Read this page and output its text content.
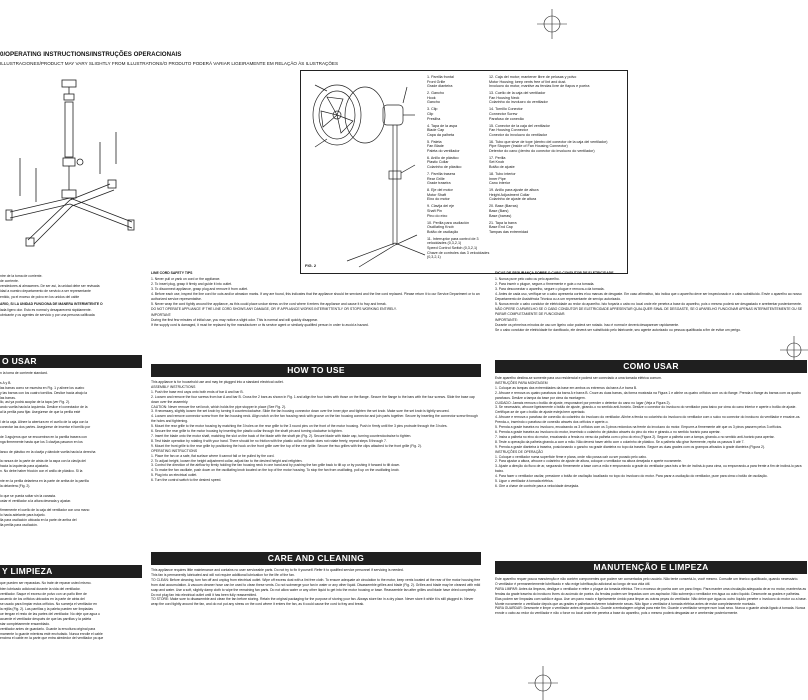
0/OPERATING INSTRUCTIONS/INSTRUÇÕES OPERACIONAIS
ILLUSTRACIONES/PRODUCT MAY VARY SLIGHTLY FROM ILLUSTRATIONS/O PRODUTO PODERÁ VARIAR LIGEIRAMENTE EM RELAÇÃO ÀS ILUSTRAÇÕES
1. Parrilla frontal
Front Grille
Grade dianteira
2. Gancho
Hook
Gancho
3. Clip
Clip
Presilha
4. Tapa de la aspa
Blade Cap
Capa da palheta
5. Paleta
Fan Blade
Paleta do ventilador
6. Anillo de plástico
Plastic Collar
Colarinho de plástico
7. Parrilla trasera
Rear Grille
Grade traseira
8. Eje del motor
Motor Shaft
Eixo do motor
9. Clavija del eje
Shaft Pin
Pino do eixo
10. Perilla para oscilación
Oscillating Knob
Botão de oscilação
11. Interruptor para control de 3 velocidades (0,3,2,1)
Speed Control Switch (0,3,2,1)
Chave de controles das 3 velocidades (0,3,2,1)
12. Caja del motor; mantener libre de pelusas y polvo
Motor Housing; keep vents free of lint and dust.
Involucro do motor, mantive as fendas livre de fiapos e poeira
13. Cuello de la caja del ventilador
Fan Housing Neck
Colarinho do involucro do ventilador
14. Tornillo Conector
Connector Screw
Parafuso de conexão
15. Conector de la caja del ventilador
Fan Housing Connector
Conector do involucro do ventilador
16. Tubo que sirve de tope (dentro del conector de la caja del ventilador)
Pipe Stopper (Inside of Fan Housing Connector)
Detentor do cano (dentro do conector do involucro do ventilador)
17. Perilla
Set Knob
Botão de ajuste
18. Tubo interior
Inner Pipe
Cano interior
19. Anillo para ajuste de altura
Height Adjustment Collar
Colarinho de ajuste de altura
20. Base (Barras)
Base (Bars)
Base (barras)
21. Tapa la barra
Base End Cap
Tampas das extremidad
FIG. 2

ntre de la toma de corriente.
de corriente.
vendedores al almacenes. De ser así, la unidad debe ser revisada
idad a nuestro departamento de servicio a ser representante

entido, ya el exceso de polvo en los unidos del cable

ARIO, SI LA UNIDAD FUNCIONA DE MANERA INTERMITENTE O

iada ligero olor. Esto es normal y desaparecerá rápidamente.
ubricante y os agentes de servicio y por una persona calificada

O USAR

n la toma de corriente standard.

s A y B.
las barras como se muestra en Fig. 1 y alinee los cuatro
y las barras con los cuatro tornillos. Deslice hacia abajo la
las barras.
llo, asi ya podrá acoplar de la tapa (ver Fig. 2).
ando vuelta hacia la izquierda. Deslice el conectador de la
al la perilla para fijar. Asegúrese de que la perilla esté

l de la caja. Alinee la abertura en el cuello de la caja con la
conectar las dos partes. Asegúrese de insertar el tornillo por

de 3 agujeros que se encuentran en la parrilla trasera con
nga firmemente hasta que los 3 clavijas pasaron en los

lanco de plástico en la clavija y dándole vuelta hacia la derecha

la ranura de la parte de atrás de la aspa con la clavija del
hacia la izquierda para ajustarla.
n. No debe haber fricción con el anillo de plástico. Si la

nte en la perilla delantera en la parte de arriba de la parrilla
la delantera (Fig. 2).

lo que se pueda soltar sin la canasta.
ustar el ventilador a la altura deseada y ajustar.

firmemente el cuello de la caja del ventilador con una mano
lo hacia adelante para bajarlo.
lla para oscilación ubicada en la parte de arriba del
lla perilla para oscilación.

Y LIMPIEZA

que pueden ser reparadas. No trate de reparar usted mismo.

bien lubricado adicional durante la vida del ventilador.
ventilador. Saque el exceso de polvo con un paño libre de
acuerdo de los orificios ubicados en la parte de atrás del
se usado para limpiar estos orificios. No sumerja el ventilador en
la rejilla (Fig. 2). Las parrillas y la paleta pueden ser limpiadas
ue tengan el resto de las partes del ventilador. No deje que agua u
acuerde el ventilador después de que las parrillas y la paleta
star completamente ensamblado.
ventilador antes de guardarlo. Guarde la envoltura original para
mamente lo guarde mientras esté enchufado. Nunca enrolle el cable
encima el cable en la parte que entra alrededor del ventilador ya que

LINE CORD SAFETY TIPS

1. Never pull or yank on cord or the appliance.
2. To insert plug, grasp it firmly and guide it into outlet.
3. To disconnect appliance, grasp plug and remove it from outlet.
4. Before each use, inspect the line cord for cuts and/or abrasion marks. If any are found, this indicates that the appliance should be serviced and the line cord replaced. Please return it to our Service Department or to an authorized service representative.
5. Never wrap the cord tightly around the appliance, as this could place undue stress on the cord where it enters the appliance and cause it to fray and break.
DO NOT OPERATE APPLIANCE IF THE LINE CORD SHOWS ANY DAMAGE, OR IF APPLIANCE WORKS INTERMITTENTLY OR STOPS WORKING ENTIRELY.

IMPORTANT:
During the first few minutes of initial use, you may notice a slight odor. This is normal and will quickly disappear.
If the supply cord is damaged, it must be replaced by the manufacturer or its service agent or similarly qualified person in order to avoid a hazard.

HOW TO USE

This appliance is for household use and may be plugged into a standard electrical outlet.
ASSEMBLY INSTRUCTIONS
1. Push the base end caps onto both ends of bar A and bar B.
2. Loosen and remove the four screws from bar A and bar B. Cross the 2 bars as shown in Fig. 1 and align the four holes with those on the flange. Secure the flange to the bars with the four screws. Slide the base cap down over the assembly.
CAUTION: Never remove the set knob, which holds the pipe stopper in place (See Fig. 2).
3. If necessary, slightly loosen the set knob by turning it counterclockwise. Slide the fan housing connector down over the inner pipe and tighten the set knob. Make sure the set knob is tightly secured.
4. Loosen and remove connector screw from the fan housing neck. Align notch on the fan housing neck with groove on the fan housing connector and join parts together. Secure by inserting the connector screw through the holes and tightening.
5. Mount the rear grille to the motor housing by matching the 3 holes on the rear grille to the 3 round pins on the front of the motor housing. Push in firmly until the 3 pins protrude through the 3 holes.
6. Secure the rear grille to the motor housing by inserting the plastic collar through the shaft pin and turning clockwise to tighten.
7. Insert the blade onto the motor shaft, matching the slot on the back of the blade with the shaft pin (Fig. 2). Secure blade with blade cap, turning counterclockwise to tighten.
8. Test blade operation by rotating it with your hand. There should be no friction with the plastic collar. If blade does not rotate freely, repeat steps 5 through 7.
9. Mount the front grille to the rear grille by positioning the hook on the front grille over the top of the rear grille. Secure the two grilles with the clips attached to the front grille (Fig. 2).
OPERATING INSTRUCTIONS
1. Place the fan on a safe, flat surface where it cannot fall or be pulled by the cord.
2. To adjust height, loosen the height adjustment collar, adjust fan to the desired height and retighten.
3. Control the direction of the airflow by firmly holding the fan housing neck in one hand and by pushing the fan grille back to tilt up or by pushing it forward to tilt down.
4. To make the fan oscillate, push down on the oscillating knob located on the top of the motor housing. To stop the fan from oscillating, pull up on the oscillating knob.
5. Plug into an electrical outlet.
6. Turn the control switch to the desired speed.

CARE AND CLEANING

This appliance requires little maintenance and contains no user serviceable parts. Do not try to fix it yourself. Refer it to qualified service personnel if servicing is needed.
This fan is permanently lubricated and will not require additional lubrication for the life of the fan.
TO CLEAN: Before cleaning, turn fan off and unplug from electrical outlet. Wipe off excess dust with a lint free cloth. To ensure adequate air circulation to the motor, keep vents located at the rear of the motor housing free from dust accumulation. A vacuum cleaner hose can be used to clean these vents. Do not submerge your fan in water or any other liquid. Disassemble grilles and blade (Fig. 2). Grilles and blade may be cleaned with mild soap and water. Use a soft, slightly damp cloth to wipe the remaining fan parts. Do not allow water or any other liquid to get into the motor housing or base. Reassemble fan after grilles and blade have dried completely. Do not plug fan into electrical outlet until it has been fully reassembled.
TO STORE: Make sure to disassemble and clean the fan before storing. Retain the original packaging for the purpose of storing your fan. Always store fan in a dry place. Never store it while it is still plugged in. Never wrap the cord tightly around the fan, and do not put any stress on the cord where it enters the fan, as it could cause the cord to fray and break.

DICAS DE SEGURANÇA SOBRE O CABO CONDUTOR DE ELETRICIDADE

1. Nunca puxe pelo cabo ou pelo aparelho.
2. Para inserir o plugue, segure-o firmemente e guie-o na tomada.
3. Para desconectar o aparelho, segure o plugue e remova-o da tomada.
4. Antes de cada uso, verifique se o cabo apresenta cortes e/ou marcas de desgaste. Em caso afirmativo, isto indica que o aparelho deve ser inspecionado e o cabo substituído. Envie o aparelho ao nosso Departamento de Assistência Técnica ou a um representante de serviço autorizado.
5. Nunca enrole o cabo condutor de eletricidade ao redor do aparelho. Isto forçaria o cabo no local onde ele penetra a base do aparelho, pois o mesmo poderá ser desgastado e arrebentar posteriormente.
NÃO OPERE O APARELHO SE O CABO CONDUTOR DE ELETRICIDADE APRESENTAR QUALQUER SINAL DE DESGASTE, SE O APARELHO FUNCIONAR APENAS INTERMITENTEMENTE OU SE PARAR COMPLETAMENTE DE FUNCIONAR.

IMPORTANTE:
Durante os primeiros minutos de uso um ligeiro odor poderá ser notado. Isso é normal e deverá desaparecer rapidamente.
Se o cabo condutor de eletricidade for danificado, ele deverá ser substituído pelo fabricante, seu agente autorizado ou pessoa qualificada a fim de evitar um perigo.

COMO USAR

Este aparelho destina-se somente para uso residencial e poderá ser conectado a uma tomada elétrica comum.
INSTRUÇÕES PARA MONTAGEM
1. Coloque as tampas das extremidades da base em ambos os extremos da barra A e barra B.
2. Afrouxe e remova os quatro parafusos da barra A e barra B. Cruze as duas barras, da forma mostrada na Figura 1 e alinhe os quatro orifícios com os do flange. Prenda o flange às barras com os quatro parafusos. Deslize a tampa da base por cima da montagem.
CUIDADO: Jamais remova o botão de ajuste, responsável por prender o detentor do cano no lugar (Veja a Figura 2).
3. Se necessário, afrouxe ligeiramente o botão de ajuste, girando-o no sentido anti-horário. Deslize o conector do involucro do ventilador para baixo por cima do cano interior e aperte o botão de ajuste. Certifique-se de que o botão de ajuste esteja bem apertado.
4. Afrouxe e remova o parafuso de conexão do colarinho do involucro do ventilador. Alinhe a fenda no colarinho do involucro do ventilador com o sulco no conector do involucro do ventilador e encaixe-os. Prenda-o, inserindo o parafuso de conexão através dos orifícios e aperte-o.
5. Prenda a grade traseira no involucro, encaixando os 3 orifícios com os 3 pinos redondos na frente do involucro do motor. Empurre-a firmemente até que os 3 pinos passem pelos 3 orifícios.
6. Prenda a grade traseira ao involucro do motor, inserindo o colarinho de plástico através do pino do eixo e girando-o no sentido horário para apertar.
7. Insira a palheta no eixo do motor, encaixando a fenda no verso da palheta com o pino do eixo (Figura 2). Segure a palheta com a tampa, girando-o no sentido anti-horário para apertar.
8. Teste a operação da palheta girando-a com a mão. Não deverá haver atrito com o colarinho de plástico. Se a palheta não girar livremente, repita os passos 5 até 7.
9. Prenda a grade dianteira à traseira, posicionando o gancho na grade dianteira no topo da traseira. Segure as duas grades com os grampos afixados à grade dianteira (Figura 2).
INSTRUÇÕES DE OPERAÇÃO
1. Coloque o ventilador numa superfície firme e plana, onde não possa cair ou ser puxado pelo cabo.
2. Para ajustar a altura, afrouxe o colarinho de ajuste de altura, coloque o ventilador na altura desejada e aperte novamente.
3. Ajuste a direção do fluxo de ar, segurando firmemente a base com a mão e empurrando a grade do ventilador para trás a fim de incliná-lo para cima, ou empurrando-a para frente a fim de incliná-lo para baixo.
4. Para fazer o ventilador oscilar, pressione o botão de oscilação localizado no topo do involucro do motor. Para parar a oscilação do ventilador, puxe para cima o botão de oscilação.
5. Ligue o ventilador à tomada elétrica.
6. Gire a chave de controle para a velocidade desejada.

MANUTENÇÃO E LIMPEZA

Este aparelho requer pouca manutenção e não contém componentes que podem ser consertados pelo usuário. Não tente consertá-lo, você mesmo. Consulte um técnico qualificado, quando necessário.
O ventilador é permanentemente lubrificado e não exige lubrificação adicional ao longo de sua vida útil.
PARA LIMPAR: Antes da limpeza, desligue o ventilador e retire o plugue da tomada elétrica. Tire o excesso de poeira com um pano limpo. Para manter uma circulação adequada de ar no motor, mantenha as fendas da grade traseira do involucro livres do acúmulo de poeira. As fendas podem ser limpadas com um aspirador. Não submerja o ventilador em água ou outro líquido. Desmonte as grades e palhetas. Elas podem ser limpadas com sabão e água. Use um pano macio e ligeiramente úmido para limpar as outras peças do ventilador. Não deixe que água ou outro líquido penetre o involucro do motor ou a base. Monte novamente o ventilador depois que as grades e palhetas estiverem totalmente secas. Não ligue o ventilador à tomada elétrica antes de estar completamente montado.
PARA GUARDAR: Desmonte e limpe o ventilador antes de guardá-lo. Guarde a embalagem original para este fim. Guarde o ventilador sempre num local seco. Nunca o guarde ainda ligado à tomada. Nunca enrole o cabo ao redor do ventilador e não o force no local onde ele penetra a base do aparelho, pois o mesmo poderá desgastar-se e arrebentar posteriormente.
